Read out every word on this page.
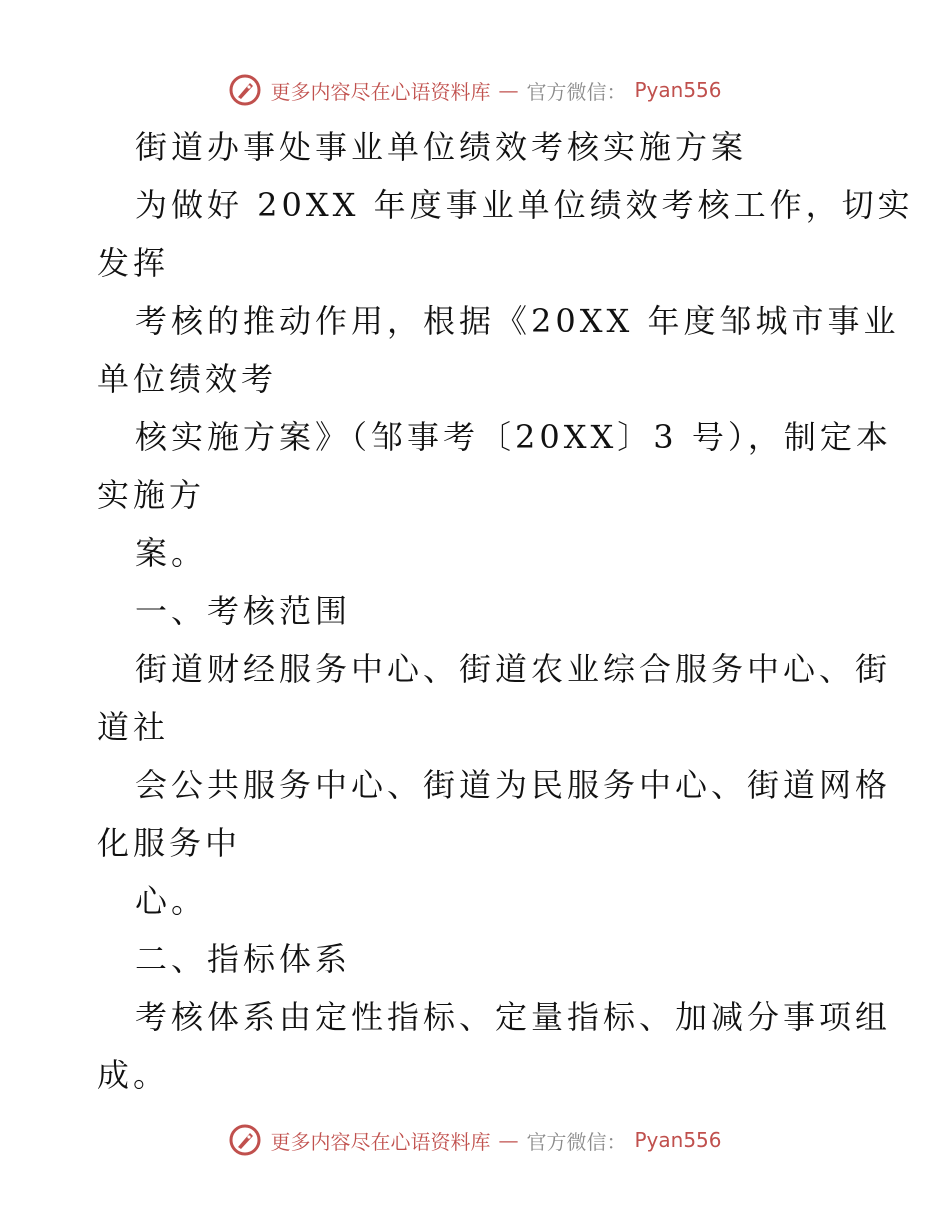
更多内容尽在心语资料库 — 官方微信： Pyan556
街道办事处事业单位绩效考核实施方案
为做好 20XX 年度事业单位绩效考核工作，切实
发挥
考核的推动作用，根据《20XX 年度邹城市事业
单位绩效考
核实施方案》（邹事考〔20XX〕3 号），制定本
实施方
案。
一、考核范围
街道财经服务中心、街道农业综合服务中心、街
道社
会公共服务中心、街道为民服务中心、街道网格
化服务中
心。
二、指标体系
考核体系由定性指标、定量指标、加减分事项组
成。
更多内容尽在心语资料库 — 官方微信： Pyan556
